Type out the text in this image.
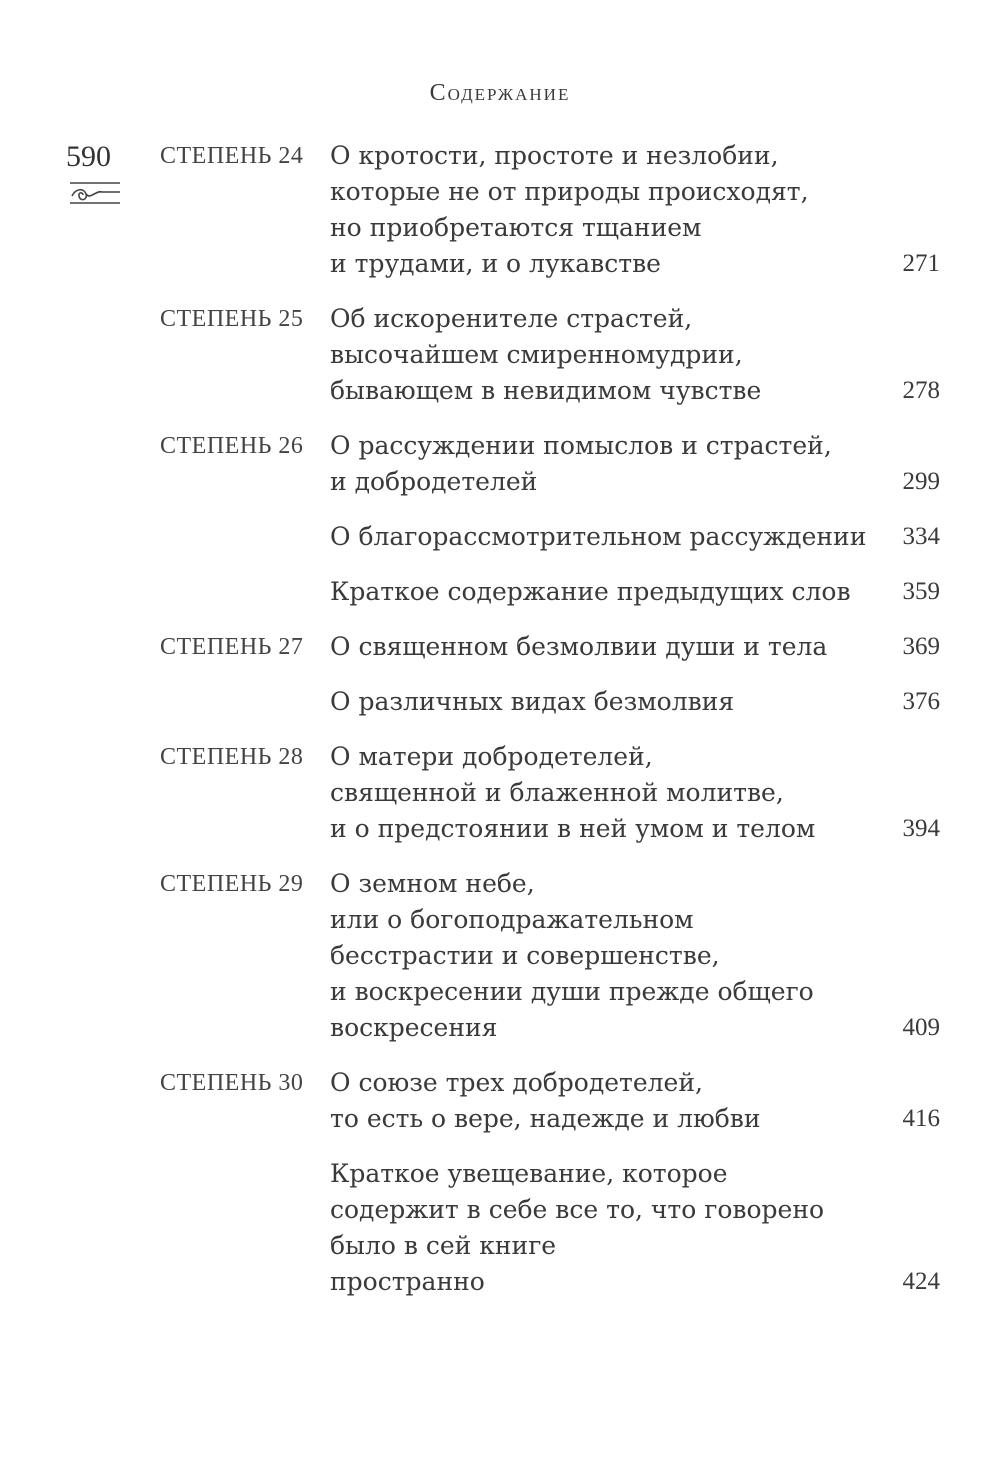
Содержание
590 СТЕПЕНЬ 24	О кротости, простоте и незлобии,
которые не от природы происходят,
но приобретаются тщанием
и трудами, и о лукавстве	271
СТЕПЕНЬ 25	Об искоренителе страстей,
высочайшем смиренномудрии,
бывающем в невидимом чувстве	278
СТЕПЕНЬ 26	О рассуждении помыслов и страстей,
и добродетелей	299
О благорассмотрительном рассуждении	334
Краткое содержание предыдущих слов	359
СТЕПЕНЬ 27	О священном безмолвии души и тела	369
О различных видах безмолвия	376
СТЕПЕНЬ 28	О матери добродетелей,
священной и блаженной молитве,
и о предстоянии в ней умом и телом	394
СТЕПЕНЬ 29	О земном небе,
или о богоподражательном
бесстрастии и совершенстве,
и воскресении души прежде общего
воскресения	409
СТЕПЕНЬ 30	О союзе трех добродетелей,
то есть о вере, надежде и любви	416
Краткое увещевание, которое
содержит в себе все то, что говорено
было в сей книге
пространно	424
